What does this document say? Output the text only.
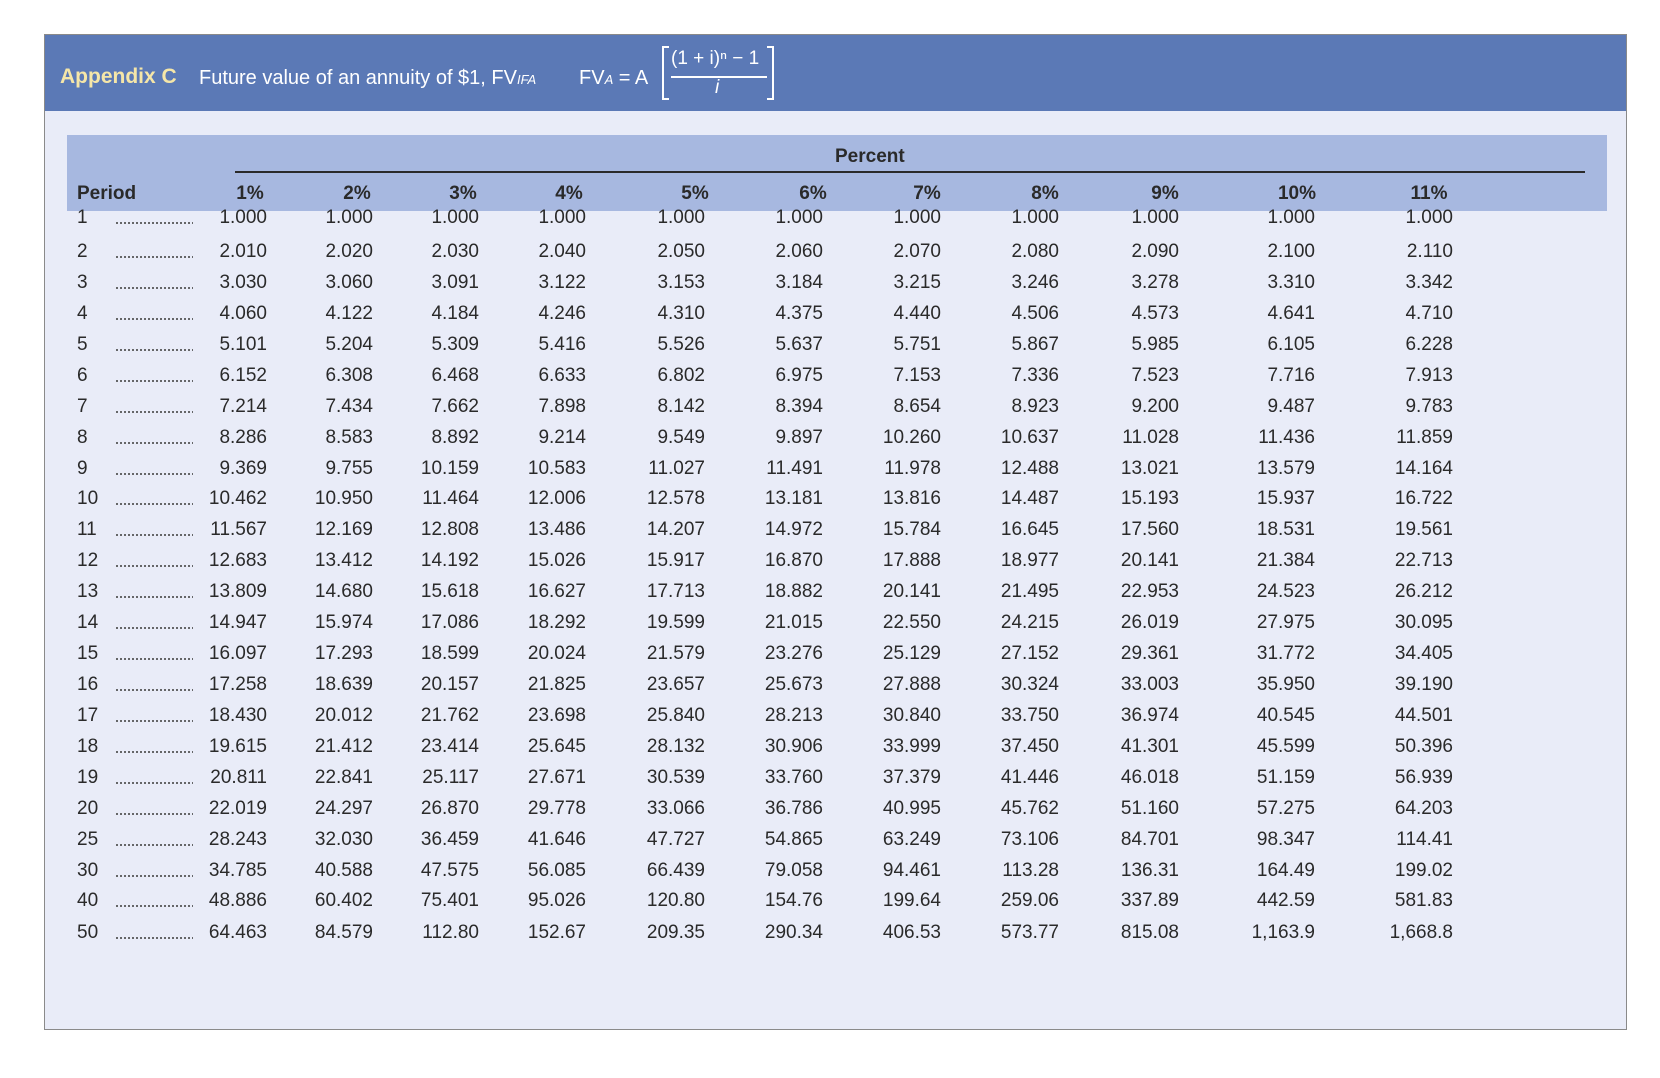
Appendix C Future value of an annuity of $1, FVIFA FVA = A
(1 + i)ⁿ − 1
i
Percent
Period	1%	2%	3%	4%	5%	6%	7%	8%	9%	10%	11%
1	1.000	1.000	1.000	1.000	1.000	1.000	1.000	1.000	1.000	1.000	1.000
2	2.010	2.020	2.030	2.040	2.050	2.060	2.070	2.080	2.090	2.100	2.110
3	3.030	3.060	3.091	3.122	3.153	3.184	3.215	3.246	3.278	3.310	3.342
4	4.060	4.122	4.184	4.246	4.310	4.375	4.440	4.506	4.573	4.641	4.710
5	5.101	5.204	5.309	5.416	5.526	5.637	5.751	5.867	5.985	6.105	6.228
6	6.152	6.308	6.468	6.633	6.802	6.975	7.153	7.336	7.523	7.716	7.913
7	7.214	7.434	7.662	7.898	8.142	8.394	8.654	8.923	9.200	9.487	9.783
8	8.286	8.583	8.892	9.214	9.549	9.897	10.260	10.637	11.028	11.436	11.859
9	9.369	9.755	10.159	10.583	11.027	11.491	11.978	12.488	13.021	13.579	14.164
10	10.462	10.950	11.464	12.006	12.578	13.181	13.816	14.487	15.193	15.937	16.722
11	11.567	12.169	12.808	13.486	14.207	14.972	15.784	16.645	17.560	18.531	19.561
12	12.683	13.412	14.192	15.026	15.917	16.870	17.888	18.977	20.141	21.384	22.713
13	13.809	14.680	15.618	16.627	17.713	18.882	20.141	21.495	22.953	24.523	26.212
14	14.947	15.974	17.086	18.292	19.599	21.015	22.550	24.215	26.019	27.975	30.095
15	16.097	17.293	18.599	20.024	21.579	23.276	25.129	27.152	29.361	31.772	34.405
16	17.258	18.639	20.157	21.825	23.657	25.673	27.888	30.324	33.003	35.950	39.190
17	18.430	20.012	21.762	23.698	25.840	28.213	30.840	33.750	36.974	40.545	44.501
18	19.615	21.412	23.414	25.645	28.132	30.906	33.999	37.450	41.301	45.599	50.396
19	20.811	22.841	25.117	27.671	30.539	33.760	37.379	41.446	46.018	51.159	56.939
20	22.019	24.297	26.870	29.778	33.066	36.786	40.995	45.762	51.160	57.275	64.203
25	28.243	32.030	36.459	41.646	47.727	54.865	63.249	73.106	84.701	98.347	114.41
30	34.785	40.588	47.575	56.085	66.439	79.058	94.461	113.28	136.31	164.49	199.02
40	48.886	60.402	75.401	95.026	120.80	154.76	199.64	259.06	337.89	442.59	581.83
50	64.463	84.579	112.80	152.67	209.35	290.34	406.53	573.77	815.08	1,163.9	1,668.8
